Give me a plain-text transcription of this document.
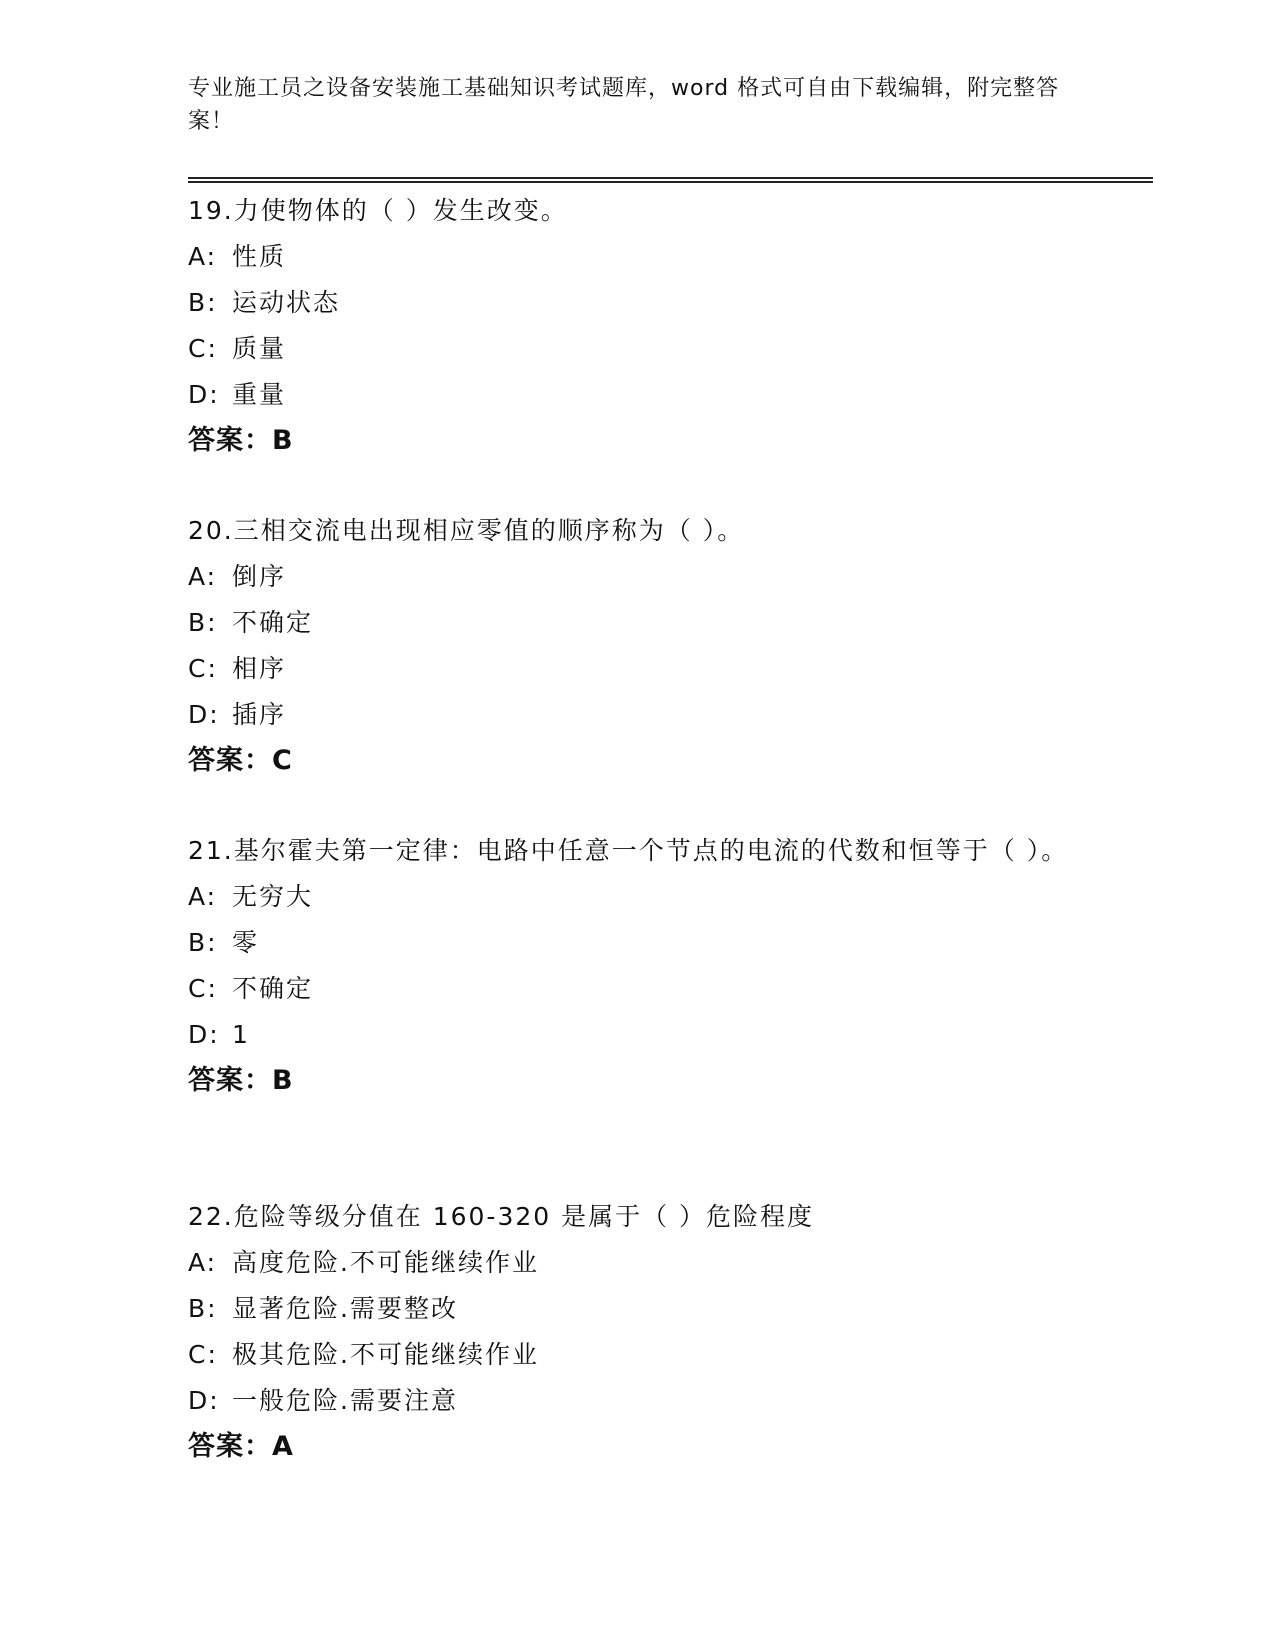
专业施工员之设备安装施工基础知识考试题库，word 格式可自由下载编辑，附完整答案！
19.力使物体的（ ）发生改变。
A: 性质
B: 运动状态
C: 质量
D: 重量
答案：B
20.三相交流电出现相应零值的顺序称为（ ）。
A: 倒序
B: 不确定
C: 相序
D: 插序
答案：C
21.基尔霍夫第一定律：电路中任意一个节点的电流的代数和恒等于（ ）。
A: 无穷大
B: 零
C: 不确定
D: 1
答案：B
22.危险等级分值在 160-320 是属于（ ）危险程度
A: 高度危险.不可能继续作业
B: 显著危险.需要整改
C: 极其危险.不可能继续作业
D: 一般危险.需要注意
答案：A
